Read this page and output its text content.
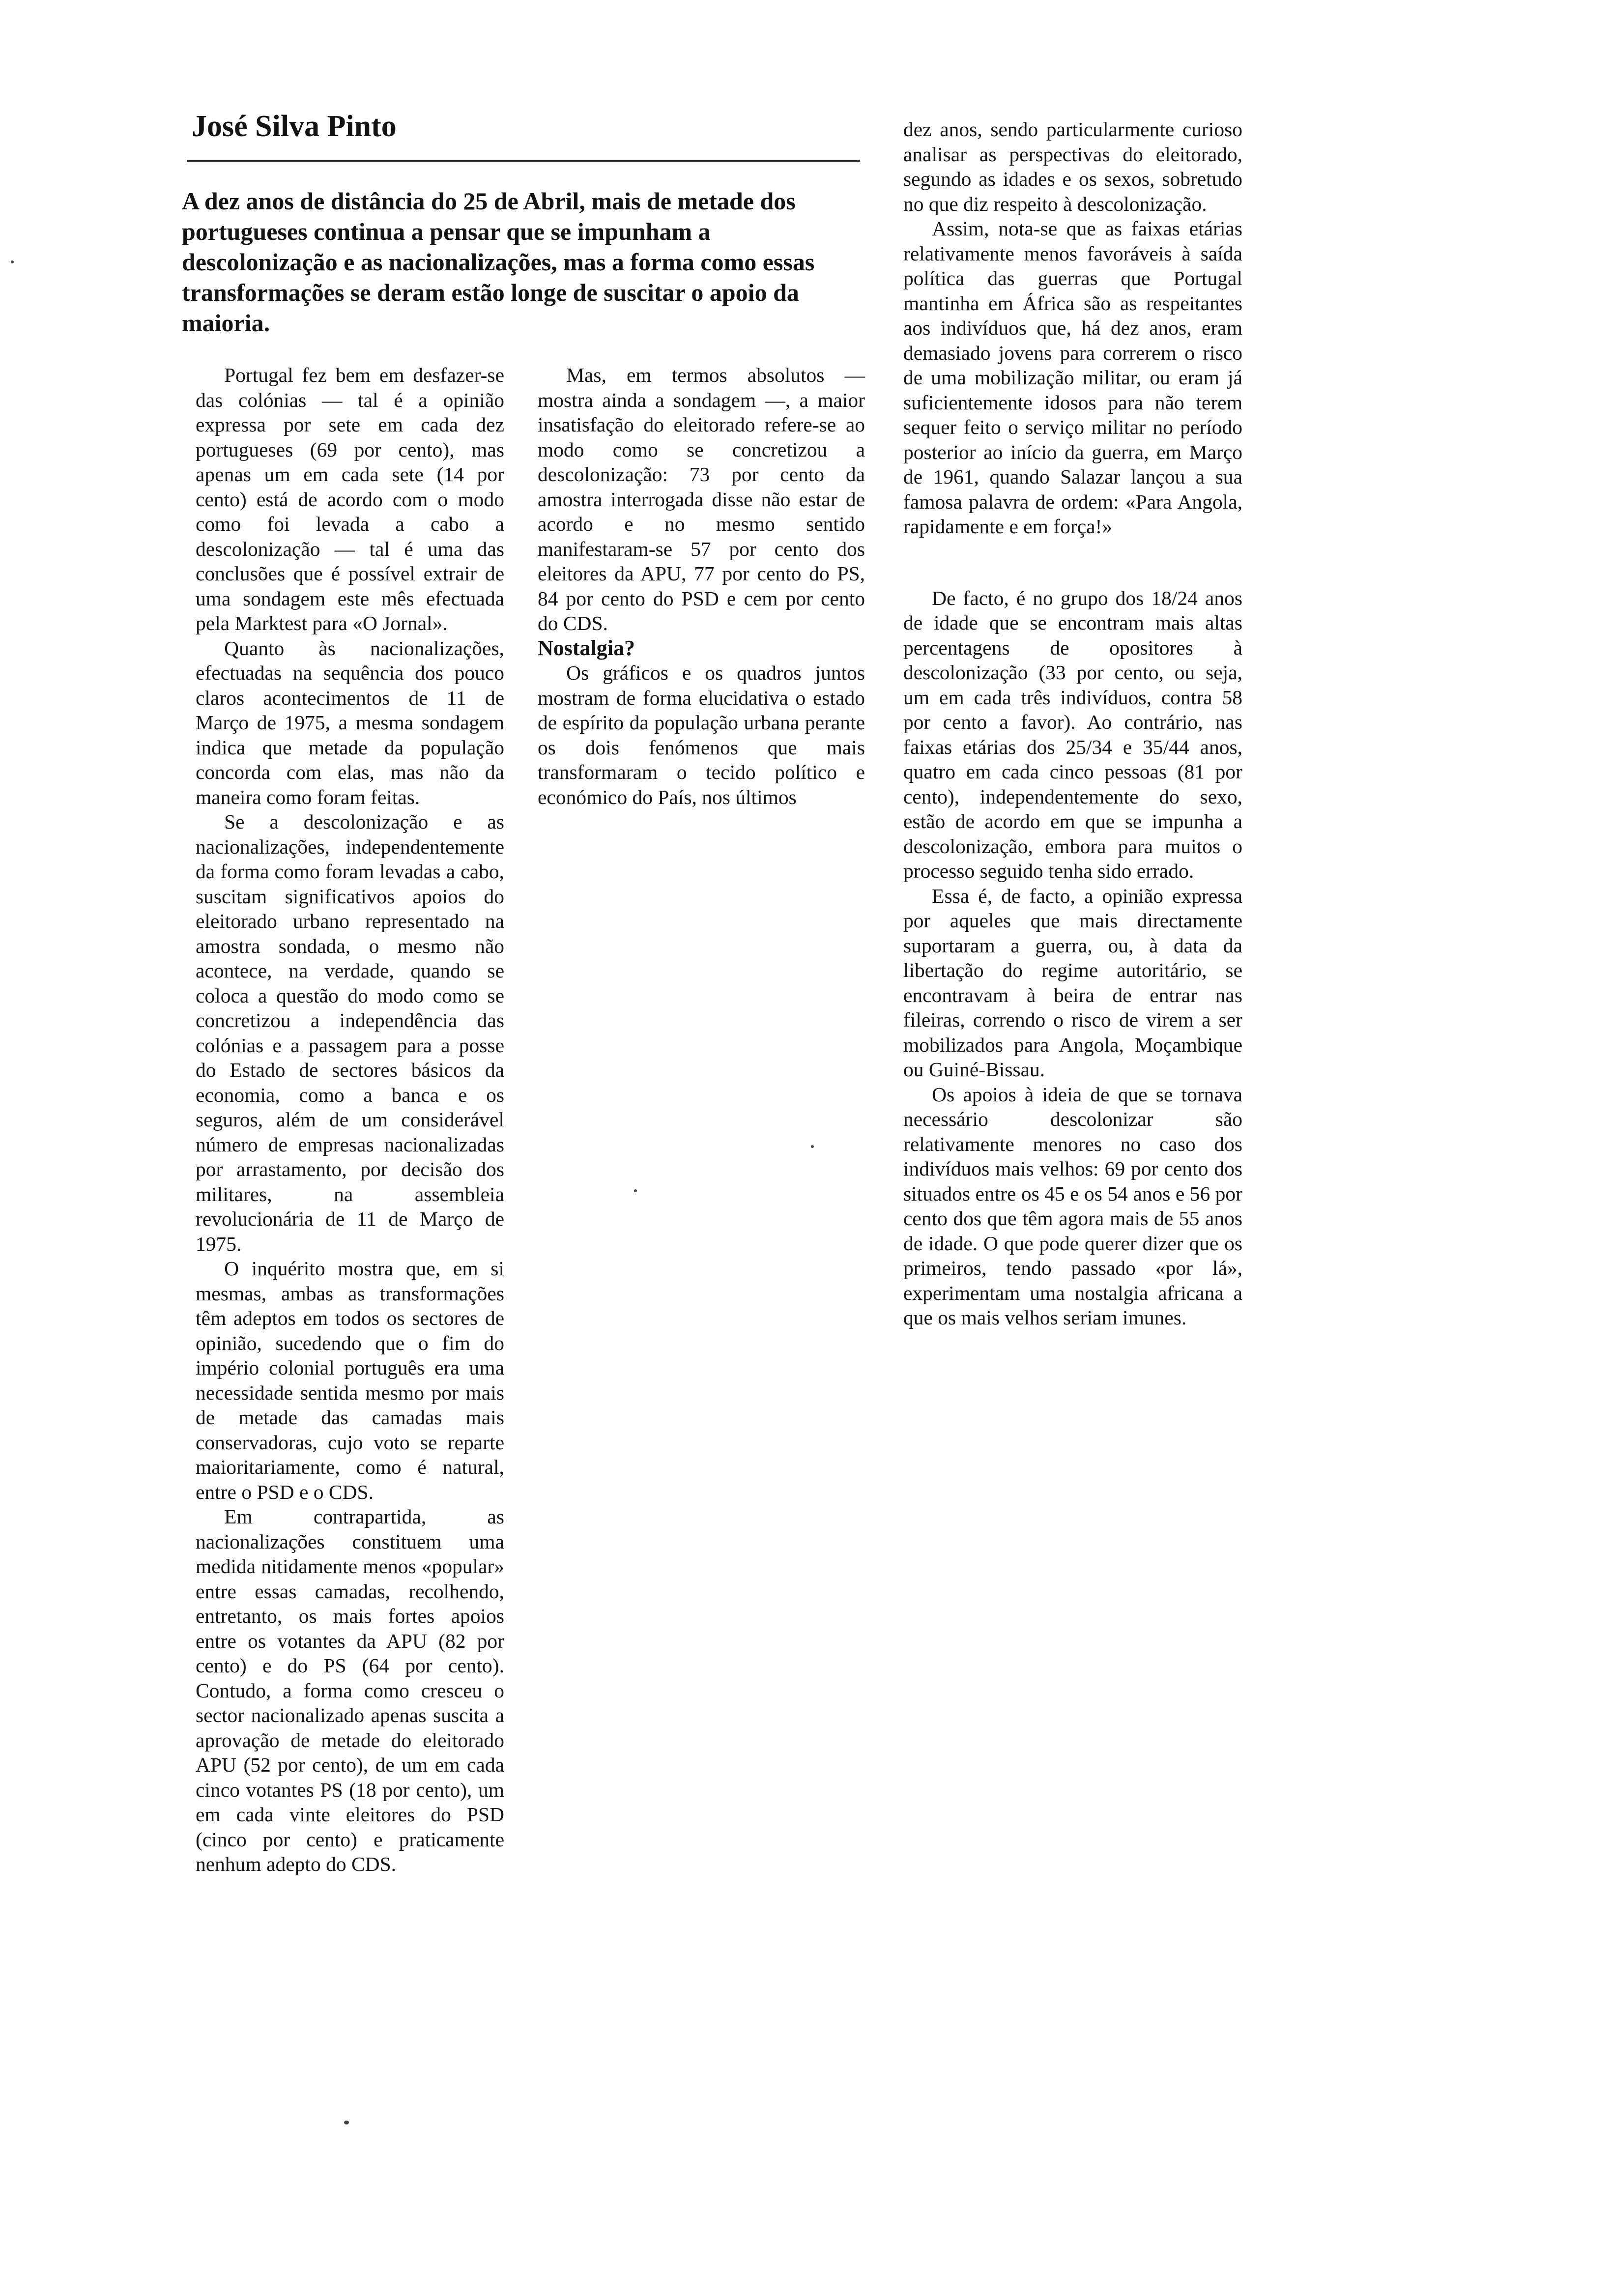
José Silva Pinto

A dez anos de distância do 25 de Abril, mais de metade dos portugueses continua a pensar que se impunham a descolonização e as nacionalizações, mas a forma como essas transformações se deram estão longe de suscitar o apoio da maioria.

Portugal fez bem em desfazer-se das colónias — tal é a opinião expressa por sete em cada dez portugueses (69 por cento), mas apenas um em cada sete (14 por cento) está de acordo com o modo como foi levada a cabo a descolonização — tal é uma das conclusões que é possível extrair de uma sondagem este mês efectuada pela Marktest para «O Jornal».

Quanto às nacionalizações, efectuadas na sequência dos pouco claros acontecimentos de 11 de Março de 1975, a mesma sondagem indica que metade da população concorda com elas, mas não da maneira como foram feitas.

Se a descolonização e as nacionalizações, independentemente da forma como foram levadas a cabo, suscitam significativos apoios do eleitorado urbano representado na amostra sondada, o mesmo não acontece, na verdade, quando se coloca a questão do modo como se concretizou a independência das colónias e a passagem para a posse do Estado de sectores básicos da economia, como a banca e os seguros, além de um considerável número de empresas nacionalizadas por arrastamento, por decisão dos militares, na assembleia revolucionária de 11 de Março de 1975.

O inquérito mostra que, em si mesmas, ambas as transformações têm adeptos em todos os sectores de opinião, sucedendo que o fim do império colonial português era uma necessidade sentida mesmo por mais de metade das camadas mais conservadoras, cujo voto se reparte maioritariamente, como é natural, entre o PSD e o CDS.

Em contrapartida, as nacionalizações constituem uma medida nitidamente menos «popular» entre essas camadas, recolhendo, entretanto, os mais fortes apoios entre os votantes da APU (82 por cento) e do PS (64 por cento). Contudo, a forma como cresceu o sector nacionalizado apenas suscita a aprovação de metade do eleitorado APU (52 por cento), de um em cada cinco votantes PS (18 por cento), um em cada vinte eleitores do PSD (cinco por cento) e praticamente nenhum adepto do CDS.

Mas, em termos absolutos — mostra ainda a sondagem —, a maior insatisfação do eleitorado refere-se ao modo como se concretizou a descolonização: 73 por cento da amostra interrogada disse não estar de acordo e no mesmo sentido manifestaram-se 57 por cento dos eleitores da APU, 77 por cento do PS, 84 por cento do PSD e cem por cento do CDS.

Nostalgia?

Os gráficos e os quadros juntos mostram de forma elucidativa o estado de espírito da população urbana perante os dois fenómenos que mais transformaram o tecido político e económico do País, nos últimos

dez anos, sendo particularmente curioso analisar as perspectivas do eleitorado, segundo as idades e os sexos, sobretudo no que diz respeito à descolonização.

Assim, nota-se que as faixas etárias relativamente menos favoráveis à saída política das guerras que Portugal mantinha em África são as respeitantes aos indivíduos que, há dez anos, eram demasiado jovens para correrem o risco de uma mobilização militar, ou eram já suficientemente idosos para não terem sequer feito o serviço militar no período posterior ao início da guerra, em Março de 1961, quando Salazar lançou a sua famosa palavra de ordem: «Para Angola, rapidamente e em força!»

De facto, é no grupo dos 18/24 anos de idade que se encontram mais altas percentagens de opositores à descolonização (33 por cento, ou seja, um em cada três indivíduos, contra 58 por cento a favor). Ao contrário, nas faixas etárias dos 25/34 e 35/44 anos, quatro em cada cinco pessoas (81 por cento), independentemente do sexo, estão de acordo em que se impunha a descolonização, embora para muitos o processo seguido tenha sido errado.

Essa é, de facto, a opinião expressa por aqueles que mais directamente suportaram a guerra, ou, à data da libertação do regime autoritário, se encontravam à beira de entrar nas fileiras, correndo o risco de virem a ser mobilizados para Angola, Moçambique ou Guiné-Bissau.

Os apoios à ideia de que se tornava necessário descolonizar são relativamente menores no caso dos indivíduos mais velhos: 69 por cento dos situados entre os 45 e os 54 anos e 56 por cento dos que têm agora mais de 55 anos de idade. O que pode querer dizer que os primeiros, tendo passado «por lá», experimentam uma nostalgia africana a que os mais velhos seriam imunes.
